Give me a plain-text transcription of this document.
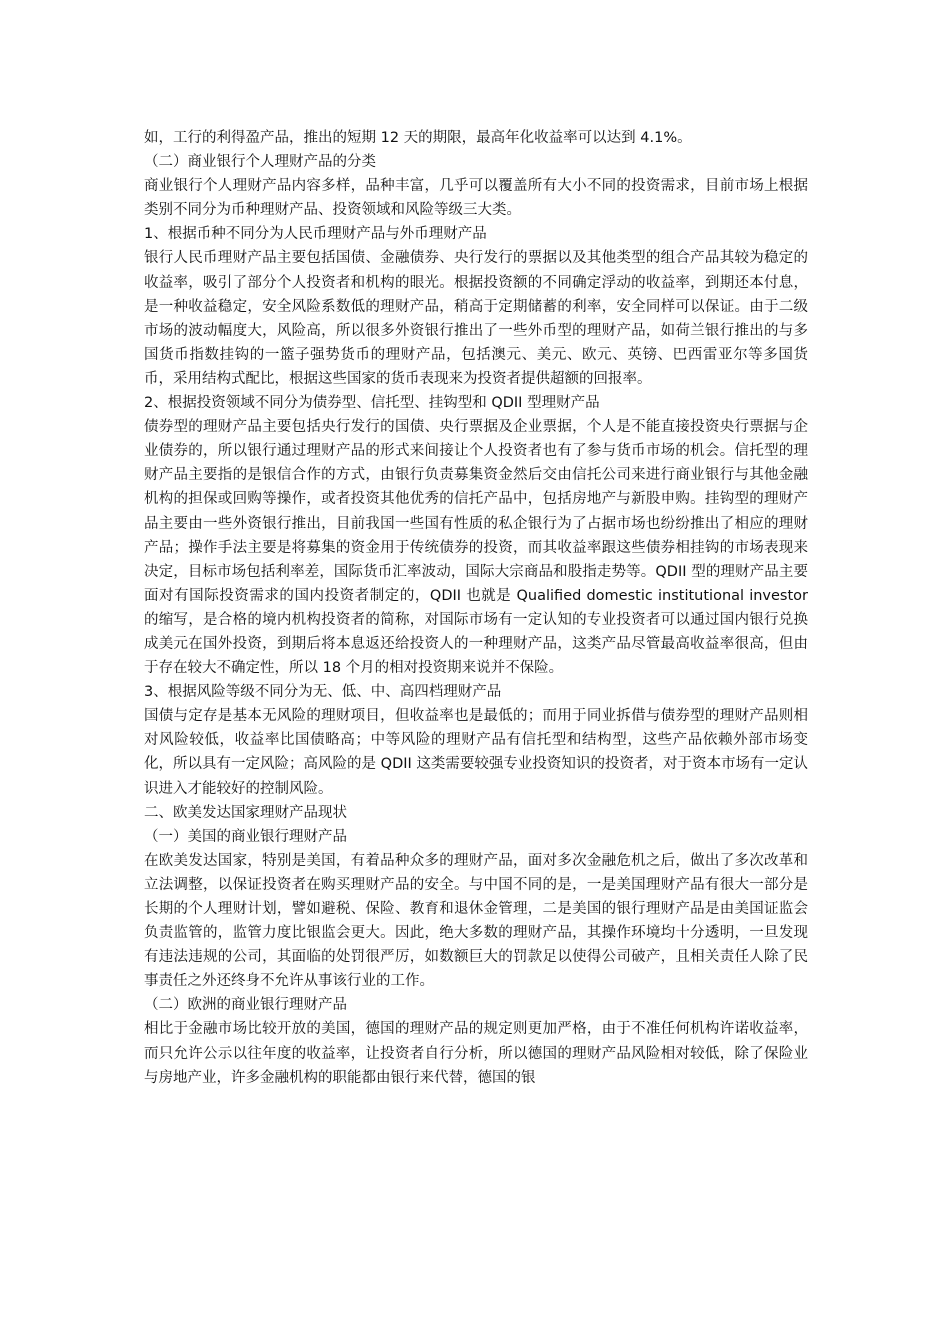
如，工行的利得盈产品，推出的短期 12 天的期限，最高年化收益率可以达到 4.1%。

（二）商业银行个人理财产品的分类

商业银行个人理财产品内容多样，品种丰富，几乎可以覆盖所有大小不同的投资需求，目前市场上根据类别不同分为币种理财产品、投资领域和风险等级三大类。

1、根据币种不同分为人民币理财产品与外币理财产品

银行人民币理财产品主要包括国债、金融债券、央行发行的票据以及其他类型的组合产品其较为稳定的收益率，吸引了部分个人投资者和机构的眼光。根据投资额的不同确定浮动的收益率，到期还本付息，是一种收益稳定，安全风险系数低的理财产品，稍高于定期储蓄的利率，安全同样可以保证。由于二级市场的波动幅度大，风险高，所以很多外资银行推出了一些外币型的理财产品，如荷兰银行推出的与多国货币指数挂钩的一篮子强势货币的理财产品，包括澳元、美元、欧元、英镑、巴西雷亚尔等多国货币，采用结构式配比，根据这些国家的货币表现来为投资者提供超额的回报率。

2、根据投资领域不同分为债券型、信托型、挂钩型和 QDII 型理财产品

债券型的理财产品主要包括央行发行的国债、央行票据及企业票据，个人是不能直接投资央行票据与企业债券的，所以银行通过理财产品的形式来间接让个人投资者也有了参与货币市场的机会。信托型的理财产品主要指的是银信合作的方式，由银行负责募集资金然后交由信托公司来进行商业银行与其他金融机构的担保或回购等操作，或者投资其他优秀的信托产品中，包括房地产与新股申购。挂钩型的理财产品主要由一些外资银行推出，目前我国一些国有性质的私企银行为了占据市场也纷纷推出了相应的理财产品；操作手法主要是将募集的资金用于传统债券的投资，而其收益率跟这些债券相挂钩的市场表现来决定，目标市场包括利率差，国际货币汇率波动，国际大宗商品和股指走势等。QDII 型的理财产品主要面对有国际投资需求的国内投资者制定的，QDII 也就是 Qualified domestic institutional investor 的缩写，是合格的境内机构投资者的简称，对国际市场有一定认知的专业投资者可以通过国内银行兑换成美元在国外投资，到期后将本息返还给投资人的一种理财产品，这类产品尽管最高收益率很高，但由于存在较大不确定性，所以 18 个月的相对投资期来说并不保险。

3、根据风险等级不同分为无、低、中、高四档理财产品

国债与定存是基本无风险的理财项目，但收益率也是最低的；而用于同业拆借与债券型的理财产品则相对风险较低，收益率比国债略高；中等风险的理财产品有信托型和结构型，这些产品依赖外部市场变化，所以具有一定风险；高风险的是 QDII 这类需要较强专业投资知识的投资者，对于资本市场有一定认识进入才能较好的控制风险。

二、欧美发达国家理财产品现状

（一）美国的商业银行理财产品

在欧美发达国家，特别是美国，有着品种众多的理财产品，面对多次金融危机之后，做出了多次改革和立法调整，以保证投资者在购买理财产品的安全。与中国不同的是，一是美国理财产品有很大一部分是长期的个人理财计划，譬如避税、保险、教育和退休金管理，二是美国的银行理财产品是由美国证监会负责监管的，监管力度比银监会更大。因此，绝大多数的理财产品，其操作环境均十分透明，一旦发现有违法违规的公司，其面临的处罚很严厉，如数额巨大的罚款足以使得公司破产，且相关责任人除了民事责任之外还终身不允许从事该行业的工作。

（二）欧洲的商业银行理财产品

相比于金融市场比较开放的美国，德国的理财产品的规定则更加严格，由于不准任何机构许诺收益率，而只允许公示以往年度的收益率，让投资者自行分析，所以德国的理财产品风险相对较低，除了保险业与房地产业，许多金融机构的职能都由银行来代替，德国的银
